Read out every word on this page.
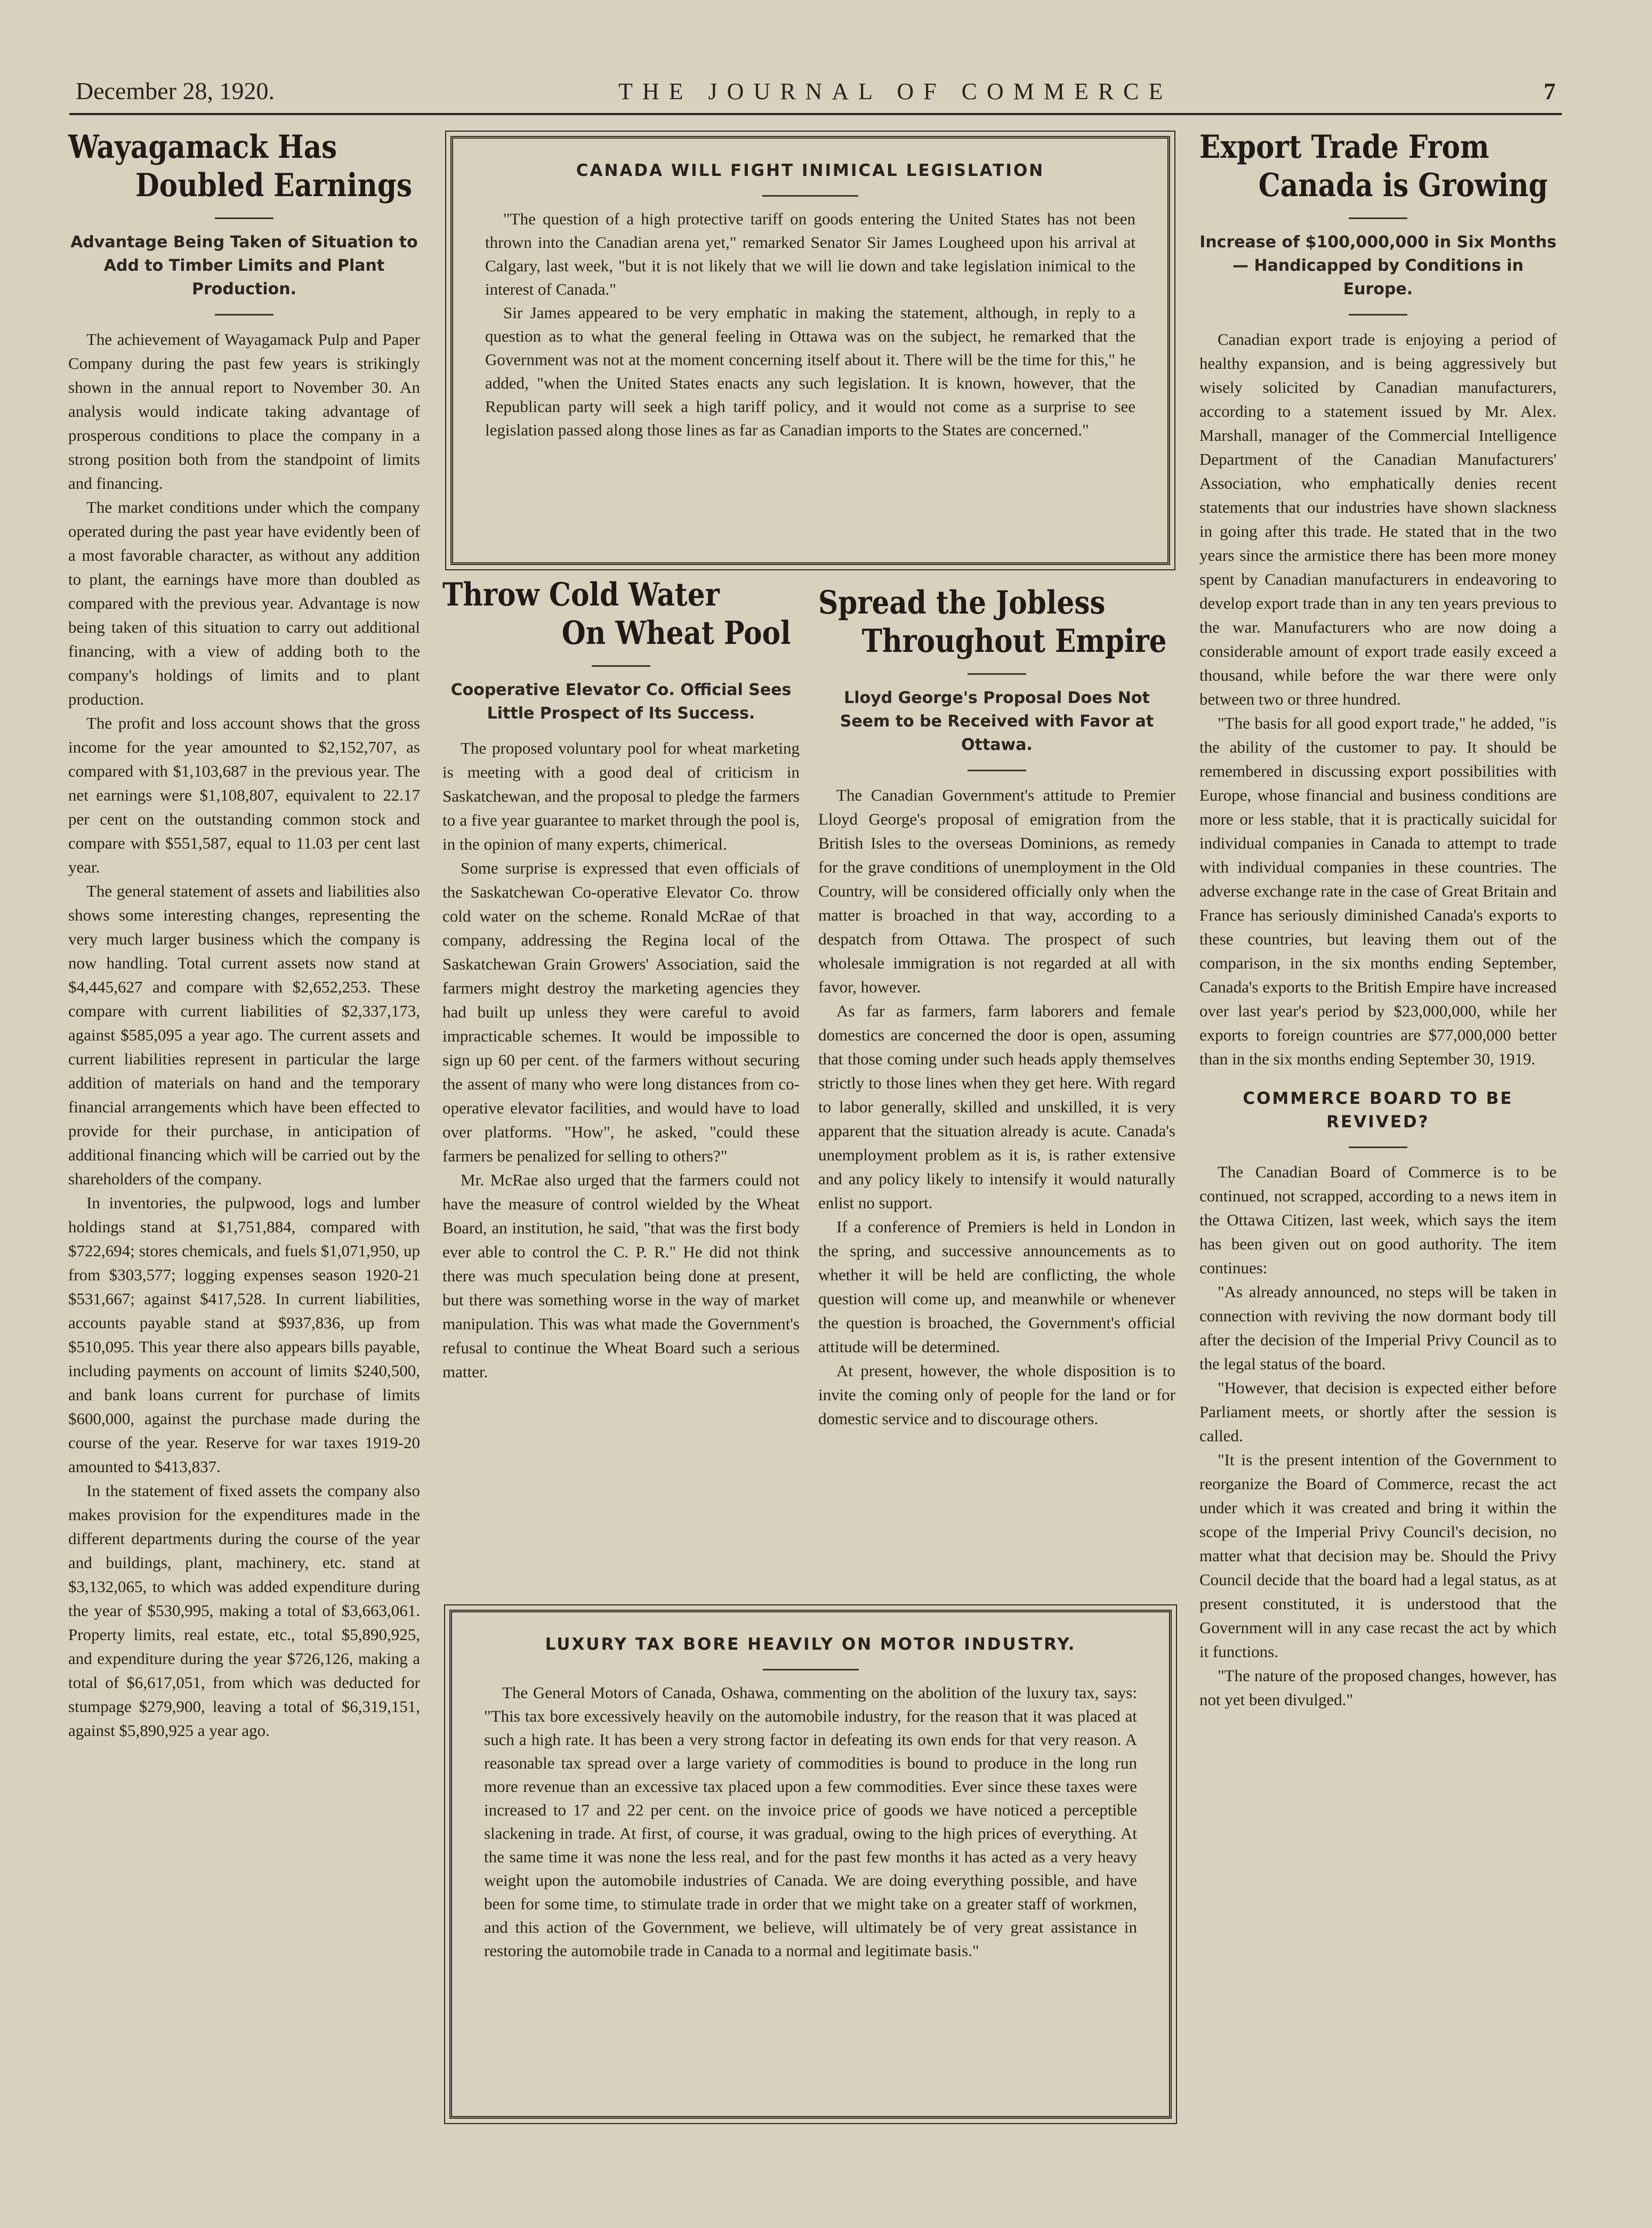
December 28, 1920.	THE JOURNAL OF COMMERCE	7
Wayagamack Has
Doubled Earnings

Advantage Being Taken of Situation to Add to Timber Limits and Plant Production.

The achievement of Wayagamack Pulp and Paper Company during the past few years is strikingly shown in the annual report to November 30. An analysis would indicate taking advantage of prosperous conditions to place the company in a strong position both from the standpoint of limits and financing.

The market conditions under which the company operated during the past year have evidently been of a most favorable character, as without any addition to plant, the earnings have more than doubled as compared with the previous year. Advantage is now being taken of this situation to carry out additional financing, with a view of adding both to the company's holdings of limits and to plant production.

The profit and loss account shows that the gross income for the year amounted to $2,152,707, as compared with $1,103,687 in the previous year. The net earnings were $1,108,807, equivalent to 22.17 per cent on the outstanding common stock and compare with $551,587, equal to 11.03 per cent last year.

The general statement of assets and liabilities also shows some interesting changes, representing the very much larger business which the company is now handling. Total current assets now stand at $4,445,627 and compare with $2,652,253. These compare with current liabilities of $2,337,173, against $585,095 a year ago. The current assets and current liabilities represent in particular the large addition of materials on hand and the temporary financial arrangements which have been effected to provide for their purchase, in anticipation of additional financing which will be carried out by the shareholders of the company.

In inventories, the pulpwood, logs and lumber holdings stand at $1,751,884, compared with $722,694; stores chemicals, and fuels $1,071,950, up from $303,577; logging expenses season 1920-21 $531,667; against $417,528. In current liabilities, accounts payable stand at $937,836, up from $510,095. This year there also appears bills payable, including payments on account of limits $240,500, and bank loans current for purchase of limits $600,000, against the purchase made during the course of the year. Reserve for war taxes 1919-20 amounted to $413,837.

In the statement of fixed assets the company also makes provision for the expenditures made in the different departments during the course of the year and buildings, plant, machinery, etc. stand at $3,132,065, to which was added expenditure during the year of $530,995, making a total of $3,663,061. Property limits, real estate, etc., total $5,890,925, and expenditure during the year $726,126, making a total of $6,617,051, from which was deducted for stumpage $279,900, leaving a total of $6,319,151, against $5,890,925 a year ago.

CANADA WILL FIGHT INIMICAL LEGISLATION

"The question of a high protective tariff on goods entering the United States has not been thrown into the Canadian arena yet," remarked Senator Sir James Lougheed upon his arrival at Calgary, last week, "but it is not likely that we will lie down and take legislation inimical to the interest of Canada."

Sir James appeared to be very emphatic in making the statement, although, in reply to a question as to what the general feeling in Ottawa was on the subject, he remarked that the Government was not at the moment concerning itself about it. There will be the time for this," he added, "when the United States enacts any such legislation. It is known, however, that the Republican party will seek a high tariff policy, and it would not come as a surprise to see legislation passed along those lines as far as Canadian imports to the States are concerned."

Throw Cold Water
On Wheat Pool

Cooperative Elevator Co. Official Sees Little Prospect of Its Success.

The proposed voluntary pool for wheat marketing is meeting with a good deal of criticism in Saskatchewan, and the proposal to pledge the farmers to a five year guarantee to market through the pool is, in the opinion of many experts, chimerical.

Some surprise is expressed that even officials of the Saskatchewan Co-operative Elevator Co. throw cold water on the scheme. Ronald McRae of that company, addressing the Regina local of the Saskatchewan Grain Growers' Association, said the farmers might destroy the marketing agencies they had built up unless they were careful to avoid impracticable schemes. It would be impossible to sign up 60 per cent. of the farmers without securing the assent of many who were long distances from co-operative elevator facilities, and would have to load over platforms. "How", he asked, "could these farmers be penalized for selling to others?"

Mr. McRae also urged that the farmers could not have the measure of control wielded by the Wheat Board, an institution, he said, "that was the first body ever able to control the C. P. R." He did not think there was much speculation being done at present, but there was something worse in the way of market manipulation. This was what made the Government's refusal to continue the Wheat Board such a serious matter.

Spread the Jobless
Throughout Empire

Lloyd George's Proposal Does Not Seem to be Received with Favor at Ottawa.

The Canadian Government's attitude to Premier Lloyd George's proposal of emigration from the British Isles to the overseas Dominions, as remedy for the grave conditions of unemployment in the Old Country, will be considered officially only when the matter is broached in that way, according to a despatch from Ottawa. The prospect of such wholesale immigration is not regarded at all with favor, however.

As far as farmers, farm laborers and female domestics are concerned the door is open, assuming that those coming under such heads apply themselves strictly to those lines when they get here. With regard to labor generally, skilled and unskilled, it is very apparent that the situation already is acute. Canada's unemployment problem as it is, is rather extensive and any policy likely to intensify it would naturally enlist no support.

If a conference of Premiers is held in London in the spring, and successive announcements as to whether it will be held are conflicting, the whole question will come up, and meanwhile or whenever the question is broached, the Government's official attitude will be determined.

At present, however, the whole disposition is to invite the coming only of people for the land or for domestic service and to discourage others.

LUXURY TAX BORE HEAVILY ON MOTOR INDUSTRY.

The General Motors of Canada, Oshawa, commenting on the abolition of the luxury tax, says: "This tax bore excessively heavily on the automobile industry, for the reason that it was placed at such a high rate. It has been a very strong factor in defeating its own ends for that very reason. A reasonable tax spread over a large variety of commodities is bound to produce in the long run more revenue than an excessive tax placed upon a few commodities. Ever since these taxes were increased to 17 and 22 per cent. on the invoice price of goods we have noticed a perceptible slackening in trade. At first, of course, it was gradual, owing to the high prices of everything. At the same time it was none the less real, and for the past few months it has acted as a very heavy weight upon the automobile industries of Canada. We are doing everything possible, and have been for some time, to stimulate trade in order that we might take on a greater staff of workmen, and this action of the Government, we believe, will ultimately be of very great assistance in restoring the automobile trade in Canada to a normal and legitimate basis."

Export Trade From
Canada is Growing

Increase of $100,000,000 in Six Months — Handicapped by Conditions in Europe.

Canadian export trade is enjoying a period of healthy expansion, and is being aggressively but wisely solicited by Canadian manufacturers, according to a statement issued by Mr. Alex. Marshall, manager of the Commercial Intelligence Department of the Canadian Manufacturers' Association, who emphatically denies recent statements that our industries have shown slackness in going after this trade. He stated that in the two years since the armistice there has been more money spent by Canadian manufacturers in endeavoring to develop export trade than in any ten years previous to the war. Manufacturers who are now doing a considerable amount of export trade easily exceed a thousand, while before the war there were only between two or three hundred.

"The basis for all good export trade," he added, "is the ability of the customer to pay. It should be remembered in discussing export possibilities with Europe, whose financial and business conditions are more or less stable, that it is practically suicidal for individual companies in Canada to attempt to trade with individual companies in these countries. The adverse exchange rate in the case of Great Britain and France has seriously diminished Canada's exports to these countries, but leaving them out of the comparison, in the six months ending September, Canada's exports to the British Empire have increased over last year's period by $23,000,000, while her exports to foreign countries are $77,000,000 better than in the six months ending September 30, 1919.

COMMERCE BOARD TO BE REVIVED?

The Canadian Board of Commerce is to be continued, not scrapped, according to a news item in the Ottawa Citizen, last week, which says the item has been given out on good authority. The item continues:

"As already announced, no steps will be taken in connection with reviving the now dormant body till after the decision of the Imperial Privy Council as to the legal status of the board.

"However, that decision is expected either before Parliament meets, or shortly after the session is called.

"It is the present intention of the Government to reorganize the Board of Commerce, recast the act under which it was created and bring it within the scope of the Imperial Privy Council's decision, no matter what that decision may be. Should the Privy Council decide that the board had a legal status, as at present constituted, it is understood that the Government will in any case recast the act by which it functions.

"The nature of the proposed changes, however, has not yet been divulged."
